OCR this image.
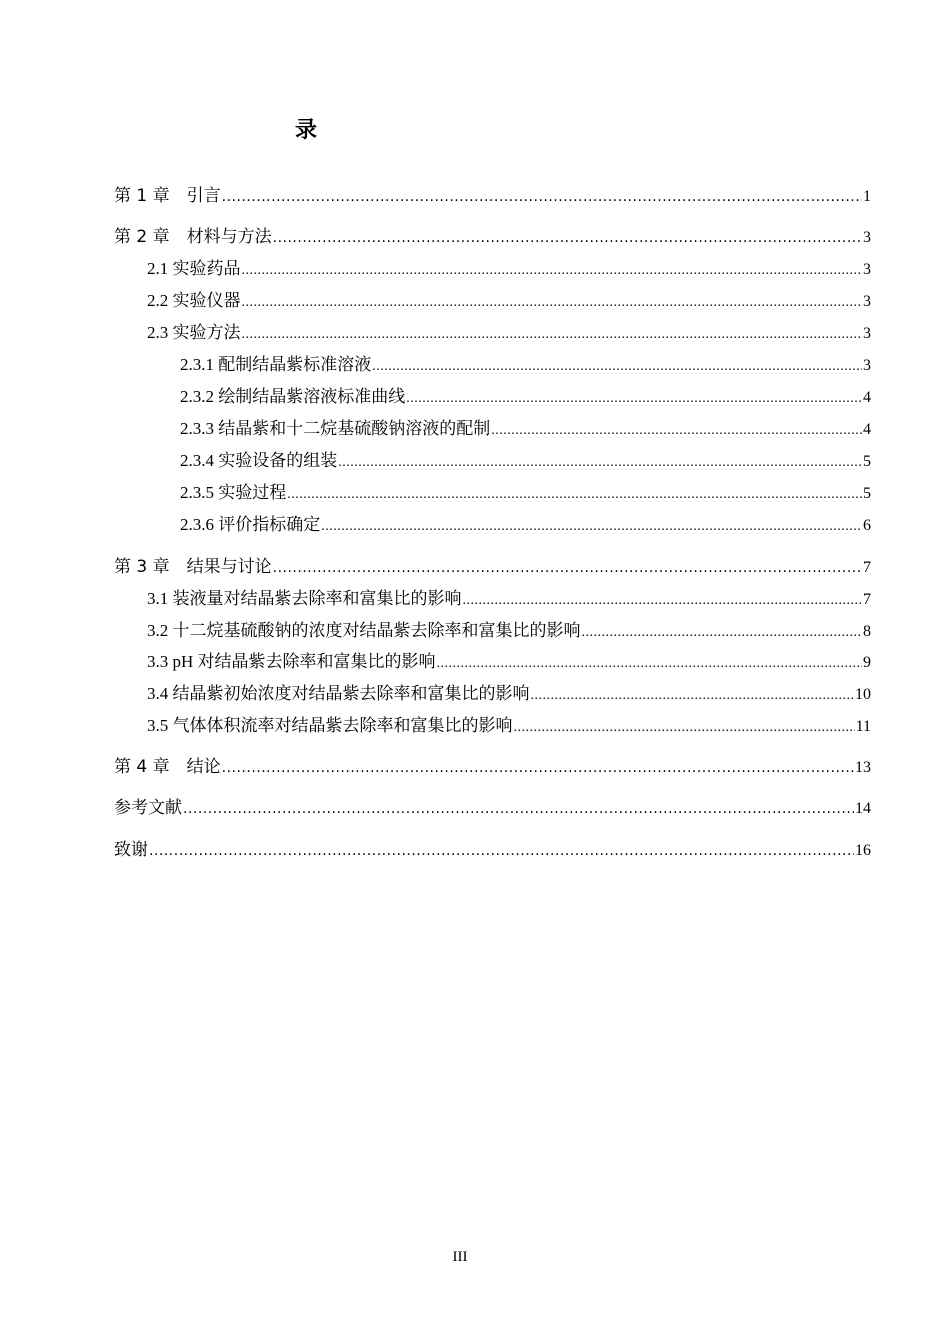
录
第 1 章　引言 .....	1
第 2 章　材料与方法 .....	3
2.1 实验药品 .....	3
2.2 实验仪器 .....	3
2.3 实验方法 .....	3
2.3.1 配制结晶紫标准溶液 .....	3
2.3.2 绘制结晶紫溶液标准曲线 .....	4
2.3.3 结晶紫和十二烷基硫酸钠溶液的配制 .....	4
2.3.4 实验设备的组装 .....	5
2.3.5 实验过程 .....	5
2.3.6 评价指标确定 .....	6
第 3 章　结果与讨论 .....	7
3.1 装液量对结晶紫去除率和富集比的影响 .....	7
3.2 十二烷基硫酸钠的浓度对结晶紫去除率和富集比的影响 .....	8
3.3 pH 对结晶紫去除率和富集比的影响 .....	9
3.4 结晶紫初始浓度对结晶紫去除率和富集比的影响 .....	10
3.5 气体体积流率对结晶紫去除率和富集比的影响 .....	11
第 4 章　结论 .....	13
参考文献 .....	14
致谢 .....	16
III
